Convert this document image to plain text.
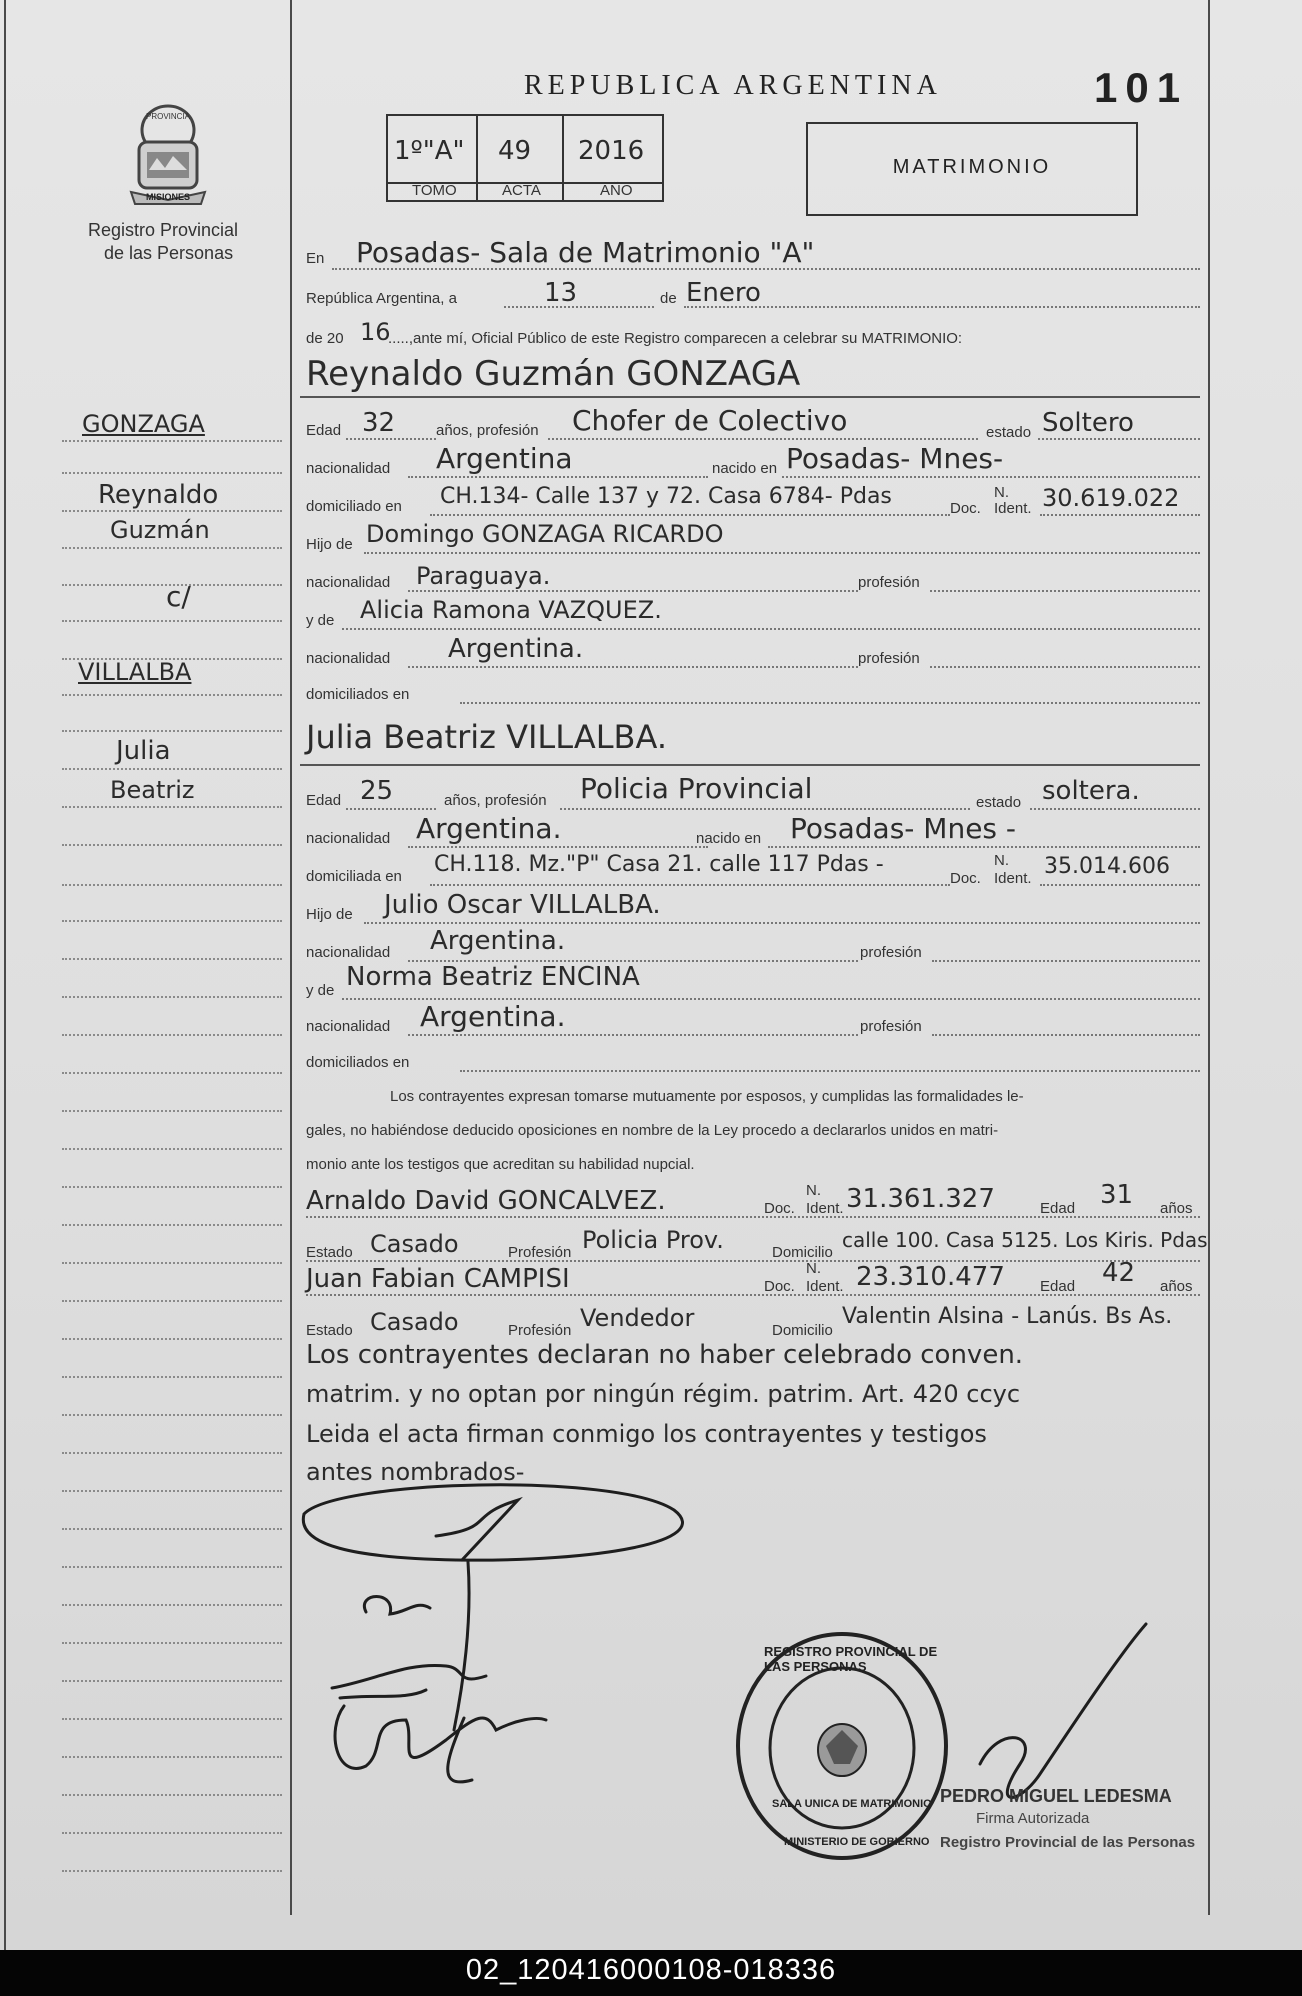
PROVINCIA
MISIONES
Registro Provincial
de las Personas
REPUBLICA ARGENTINA	101
1º"A" 49 2016
TOMO	ACTA	AÑO
MATRIMONIO
GONZAGA
Reynaldo
Guzmán
c/
VILLALBA
Julia
Beatriz
En Posadas- Sala de Matrimonio "A"
República Argentina, a	13	de Enero
de 20 16
.....,ante mí, Oficial Público de este Registro comparecen a celebrar su MATRIMONIO:
Reynaldo Guzmán GONZAGA
Edad 32	años, profesión Chofer de Colectivo	estado Soltero
nacionalidad Argentina	nacido en Posadas- Mnes-
domiciliado en CH.134- Calle 137 y 72. Casa 6784- Pdas	Doc.
N.
Ident. 30.619.022
Hijo de Domingo GONZAGA RICARDO
nacionalidad Paraguaya.	profesión
y de Alicia Ramona VAZQUEZ.
nacionalidad Argentina.	profesión
domiciliados en
Julia Beatriz VILLALBA.
Edad 25	años, profesión Policia Provincial	estado soltera.
nacionalidad Argentina.	nacido en Posadas- Mnes -
domiciliada en CH.118. Mz."P" Casa 21. calle 117 Pdas -
Doc.
N.
Ident. 35.014.606
Hijo de Julio Oscar VILLALBA.
nacionalidad Argentina.	profesión
y de Norma Beatriz ENCINA
nacionalidad Argentina.	profesión
domiciliados en
Los contrayentes expresan tomarse mutuamente por esposos, y cumplidas las formalidades le-
gales, no habiéndose deducido oposiciones en nombre de la Ley procedo a declararlos unidos en matri-
monio ante los testigos que acreditan su habilidad nupcial.
Arnaldo David GONCALVEZ.	Doc.
N.
Ident. 31.361.327	Edad 31 años
Estado Casado	Profesión Policia Prov.	Domicilio
calle 100. Casa 5125. Los Kiris. Pdas
Juan Fabian CAMPISI	Doc.
N.
Ident. 23.310.477 Edad 42 años
Estado Casado	Profesión Vendedor	Domicilio
Valentin Alsina - Lanús. Bs As.
Los contrayentes declaran no haber celebrado conven.
matrim. y no optan por ningún régim. patrim. Art. 420 ccyc
Leida el acta firman conmigo los contrayentes y testigos
antes nombrados-
REGISTRO PROVINCIAL DE LAS PERSONAS
SALA UNICA DE MATRIMONIO
MINISTERIO DE GOBIERNO
PEDRO MIGUEL LEDESMA
Firma Autorizada
Registro Provincial de las Personas
02_120416000108-018336
